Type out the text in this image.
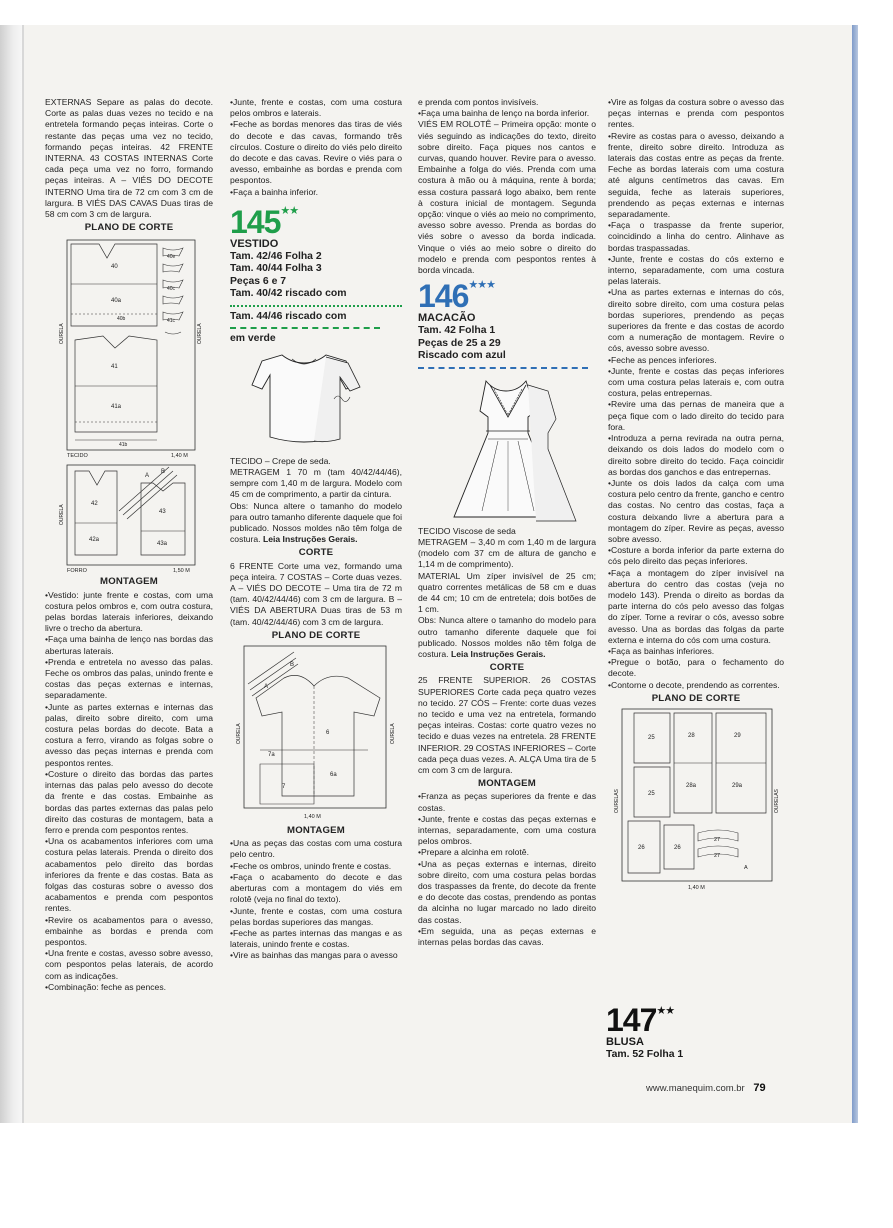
EXTERNAS Separe as palas do decote. Corte as palas duas vezes no tecido e na entretela formando peças inteiras. Corte o restante das peças uma vez no tecido, formando peças inteiras. 42 FRENTE INTERNA. 43 COSTAS INTERNAS Corte cada peça uma vez no forro, formando peças inteiras. A – VIÉS DO DECOTE INTERNO Uma tira de 72 cm com 3 cm de largura. B VIÉS DAS CAVAS Duas tiras de 58 cm com 3 cm de largura.

PLANO DE CORTE
40
40a
41
41a
41b
40e
40c
41c
40b
OURELA	OURELA
TECIDO	1,40 M
42
42a
43
43a
A
B
OURELA
FORRO	1,50 M
MONTAGEM

•Vestido: junte frente e costas, com uma costura pelos ombros e, com outra costura, pelas bordas laterais inferiores, deixando livre o trecho da abertura.

•Faça uma bainha de lenço nas bordas das aberturas laterais.

•Prenda e entretela no avesso das palas. Feche os ombros das palas, unindo frente e costas das peças externas e internas, separadamente.

•Junte as partes externas e internas das palas, direito sobre direito, com uma costura pelas bordas do decote. Bata a costura a ferro, virando as folgas sobre o avesso das peças internas e prenda com pespontos rentes.

•Costure o direito das bordas das partes internas das palas pelo avesso do decote da frente e das costas. Embainhe as bordas das partes externas das palas pelo direito das costuras de montagem, bata a ferro e prenda com pespontos rentes.

•Una os acabamentos inferiores com uma costura pelas laterais. Prenda o direito dos acabamentos pelo direito das bordas inferiores da frente e das costas. Bata as folgas das costuras sobre o avesso dos acabamentos e prenda com pespontos rentes.

•Revire os acabamentos para o avesso, embainhe as bordas e prenda com pespontos.

•Una frente e costas, avesso sobre avesso, com pespontos pelas laterais, de acordo com as indicações.

•Combinação: feche as pences.

•Junte, frente e costas, com uma costura pelos ombros e laterais.

•Feche as bordas menores das tiras de viés do decote e das cavas, formando três círculos. Costure o direito do viés pelo direito do decote e das cavas. Revire o viés para o avesso, embainhe as bordas e prenda com pespontos.

•Faça a bainha inferior.

145★★
VESTIDO
Tam. 42/46 Folha 2
Tam. 40/44 Folha 3
Peças 6 e 7
Tam. 40/42 riscado com
Tam. 44/46 riscado com
em verde

TECIDO – Crepe de seda.

METRAGEM 1 70 m (tam 40/42/44/46), sempre com 1,40 m de largura. Modelo com 45 cm de comprimento, a partir da cintura.

Obs: Nunca altere o tamanho do modelo para outro tamanho diferente daquele que foi publicado. Nossos moldes não têm folga de costura. Leia Instruções Gerais.

CORTE

6 FRENTE Corte uma vez, formando uma peça inteira. 7 COSTAS – Corte duas vezes. A – VIÉS DO DECOTE – Uma tira de 72 m (tam. 40/42/44/46) com 3 cm de largura. B – VIÉS DA ABERTURA Duas tiras de 53 m (tam. 40/42/44/46) com 3 cm de largura.

PLANO DE CORTE
A
B
6
6a
7
7a
OURELA	OURELA
1,40 M
MONTAGEM

•Una as peças das costas com uma costura pelo centro.

•Feche os ombros, unindo frente e costas.

•Faça o acabamento do decote e das aberturas com a montagem do viés em rolotê (veja no final do texto).

•Junte, frente e costas, com uma costura pelas bordas superiores das mangas.

•Feche as partes internas das mangas e as laterais, unindo frente e costas.

•Vire as bainhas das mangas para o avesso

e prenda com pontos invisíveis.

•Faça uma bainha de lenço na borda inferior.

VIÉS EM ROLOTÊ – Primeira opção: monte o viés seguindo as indicações do texto, direito sobre direito. Faça piques nos cantos e curvas, quando houver. Revire para o avesso. Embainhe a folga do viés. Prenda com uma costura à mão ou à máquina, rente à borda; essa costura passará logo abaixo, bem rente à costura inicial de montagem. Segunda opção: vinque o viés ao meio no comprimento, avesso sobre avesso. Prenda as bordas do viés sobre o avesso da borda indicada. Vinque o viés ao meio sobre o direito do modelo e prenda com pespontos rentes à borda vincada.

146★★★
MACACÃO
Tam. 42 Folha 1
Peças de 25 a 29
Riscado com azul

TECIDO Viscose de seda

METRAGEM – 3,40 m com 1,40 m de largura (modelo com 37 cm de altura de gancho e 1,14 m de comprimento).

MATERIAL Um zíper invisível de 25 cm; quatro correntes metálicas de 58 cm e duas de 44 cm; 10 cm de entretela; dois botões de 1 cm.

Obs: Nunca altere o tamanho do modelo para outro tamanho diferente daquele que foi publicado. Nossos moldes não têm folga de costura. Leia Instruções Gerais.

CORTE

25 FRENTE SUPERIOR. 26 COSTAS SUPERIORES Corte cada peça quatro vezes no tecido. 27 CÓS – Frente: corte duas vezes no tecido e uma vez na entretela, formando peças inteiras. Costas: corte quatro vezes no tecido e duas vezes na entretela. 28 FRENTE INFERIOR. 29 COSTAS INFERIORES – Corte cada peça duas vezes. A. ALÇA Uma tira de 5 cm com 3 cm de largura.

MONTAGEM

•Franza as peças superiores da frente e das costas.

•Junte, frente e costas das peças externas e internas, separadamente, com uma costura pelos ombros.

•Prepare a alcinha em rolotê.

•Una as peças externas e internas, direito sobre direito, com uma costura pelas bordas dos traspasses da frente, do decote da frente e do decote das costas, prendendo as pontas da alcinha no lugar marcado no lado direito das costas.

•Em seguida, una as peças externas e internas pelas bordas das cavas.

•Vire as folgas da costura sobre o avesso das peças internas e prenda com pespontos rentes.

•Revire as costas para o avesso, deixando a frente, direito sobre direito. Introduza as laterais das costas entre as peças da frente. Feche as bordas laterais com uma costura até alguns centímetros das cavas. Em seguida, feche as laterais superiores, prendendo as peças externas e internas separadamente.

•Faça o traspasse da frente superior, coincidindo a linha do centro. Alinhave as bordas traspassadas.

•Junte, frente e costas do cós externo e interno, separadamente, com uma costura pelas laterais.

•Una as partes externas e internas do cós, direito sobre direito, com uma costura pelas bordas superiores, prendendo as peças superiores da frente e das costas de acordo com a numeração de montagem. Revire o cós, avesso sobre avesso.

•Feche as pences inferiores.

•Junte, frente e costas das peças inferiores com uma costura pelas laterais e, com outra costura, pelas entrepernas.

•Revire uma das pernas de maneira que a peça fique com o lado direito do tecido para fora.

•Introduza a perna revirada na outra perna, deixando os dois lados do modelo com o direito sobre direito do tecido. Faça coincidir as bordas dos ganchos e das entrepernas.

•Junte os dois lados da calça com uma costura pelo centro da frente, gancho e centro das costas. No centro das costas, faça a costura deixando livre a abertura para a montagem do zíper. Revire as peças, avesso sobre avesso.

•Costure a borda inferior da parte externa do cós pelo direito das peças inferiores.

•Faça a montagem do zíper invisível na abertura do centro das costas (veja no modelo 143). Prenda o direito as bordas da parte interna do cós pelo avesso das folgas do zíper. Torne a revirar o cós, avesso sobre avesso. Una as bordas das folgas da parte externa e interna do cós com uma costura.

•Faça as bainhas inferiores.

•Pregue o botão, para o fechamento do decote.

•Contorne o decote, prendendo as correntes.

PLANO DE CORTE
25
25
28
28a
29
29a
26	26
27
27
A
OURELAS	OURELAS
1,40 M
147★★
BLUSA
Tam. 52 Folha 1
www.manequim.com.br 79
